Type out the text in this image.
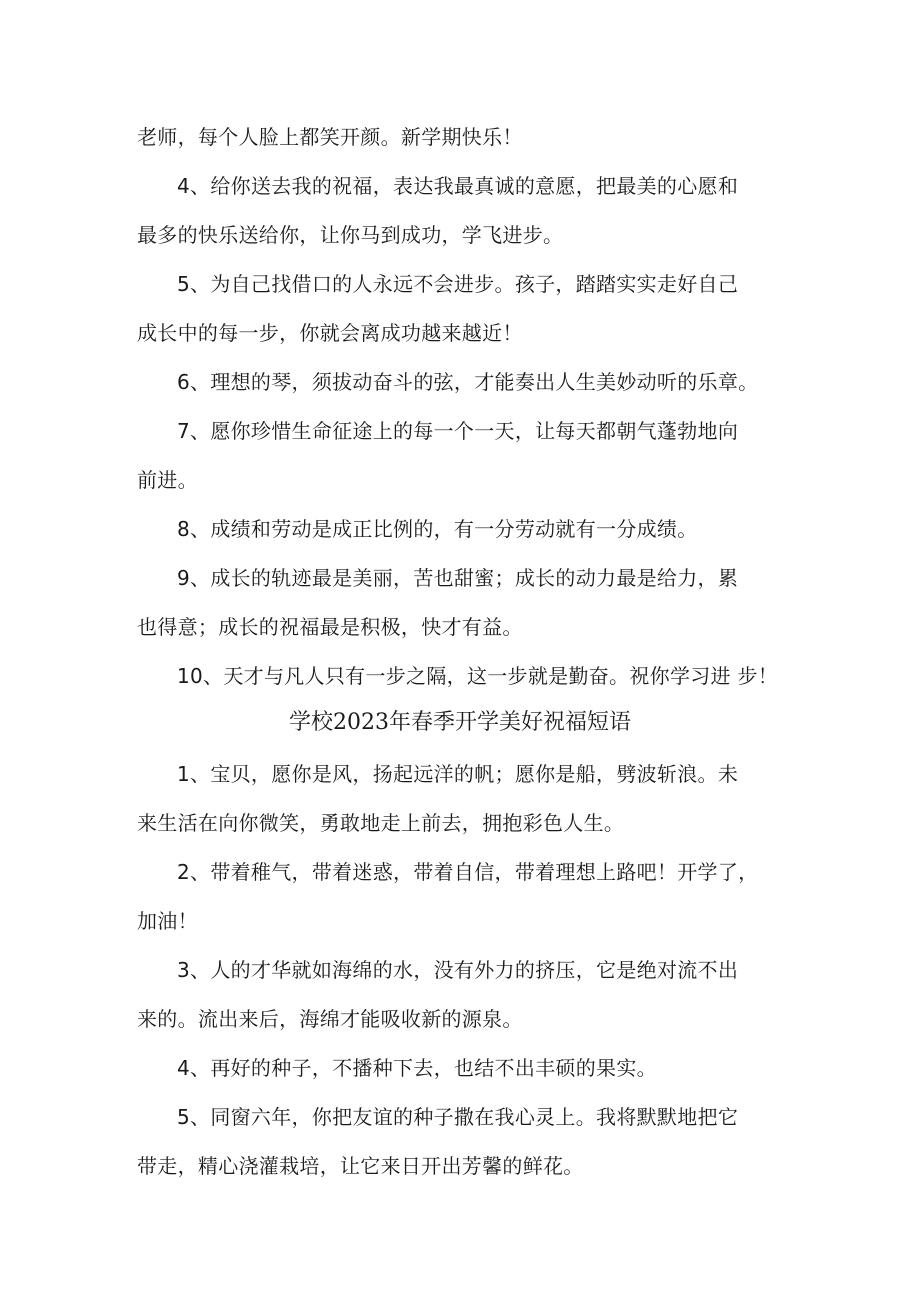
老师，每个人脸上都笑开颜。新学期快乐！
4、给你送去我的祝福，表达我最真诚的意愿，把最美的心愿和
最多的快乐送给你，让你马到成功，学飞进步。
5、为自己找借口的人永远不会进步。孩子，踏踏实实走好自己
成长中的每一步，你就会离成功越来越近！
6、理想的琴，须拔动奋斗的弦，才能奏出人生美妙动听的乐章。
7、愿你珍惜生命征途上的每一个一天，让每天都朝气蓬勃地向
前进。
8、成绩和劳动是成正比例的，有一分劳动就有一分成绩。
9、成长的轨迹最是美丽，苦也甜蜜；成长的动力最是给力，累
也得意；成长的祝福最是积极，快才有益。
10、天才与凡人只有一步之隔，这一步就是勤奋。祝你学习进 步！
学校2023年春季开学美好祝福短语
1、宝贝，愿你是风，扬起远洋的帆；愿你是船，劈波斩浪。未
来生活在向你微笑，勇敢地走上前去，拥抱彩色人生。
2、带着稚气，带着迷惑，带着自信，带着理想上路吧！开学了，
加油！
3、人的才华就如海绵的水，没有外力的挤压，它是绝对流不出
来的。流出来后，海绵才能吸收新的源泉。
4、再好的种子，不播种下去，也结不出丰硕的果实。
5、同窗六年，你把友谊的种子撒在我心灵上。我将默默地把它
带走，精心浇灌栽培，让它来日开出芳馨的鲜花。
